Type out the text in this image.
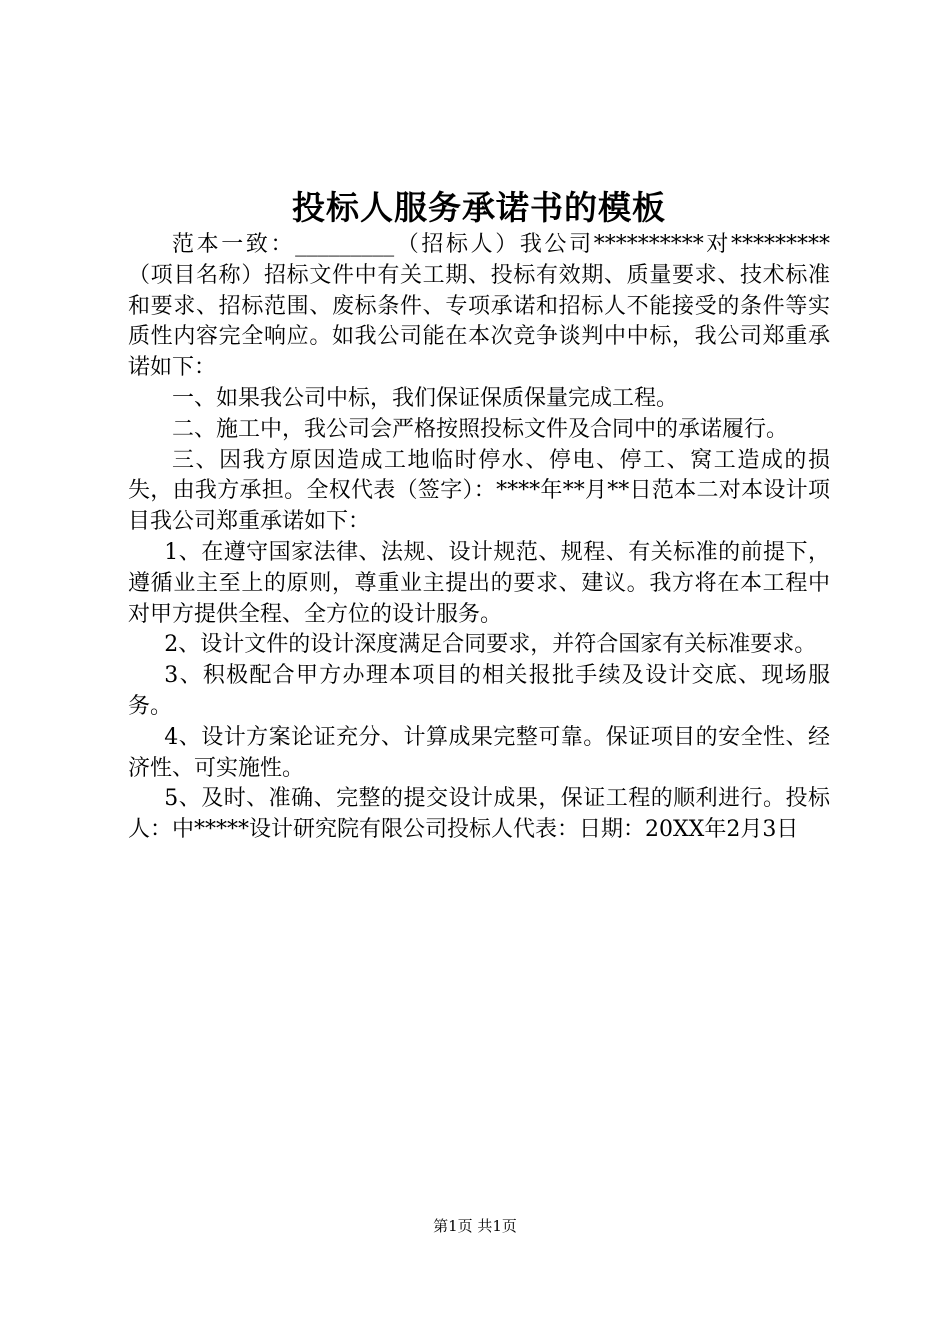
投标人服务承诺书的模板

范本一致：_________（招标人）我公司**********对*********（项目名称）招标文件中有关工期、投标有效期、质量要求、技术标准和要求、招标范围、废标条件、专项承诺和招标人不能接受的条件等实质性内容完全响应。如我公司能在本次竞争谈判中中标，我公司郑重承诺如下：

一、如果我公司中标，我们保证保质保量完成工程。

二、施工中，我公司会严格按照投标文件及合同中的承诺履行。

三、因我方原因造成工地临时停水、停电、停工、窝工造成的损失，由我方承担。全权代表（签字）：****年**月**日范本二对本设计项目我公司郑重承诺如下：

1、在遵守国家法律、法规、设计规范、规程、有关标准的前提下，遵循业主至上的原则，尊重业主提出的要求、建议。我方将在本工程中对甲方提供全程、全方位的设计服务。

2、设计文件的设计深度满足合同要求，并符合国家有关标准要求。

3、积极配合甲方办理本项目的相关报批手续及设计交底、现场服务。

4、设计方案论证充分、计算成果完整可靠。保证项目的安全性、经济性、可实施性。

5、及时、准确、完整的提交设计成果，保证工程的顺利进行。投标人：中*****设计研究院有限公司投标人代表：日期：20XX年2月3日

第1页 共1页
